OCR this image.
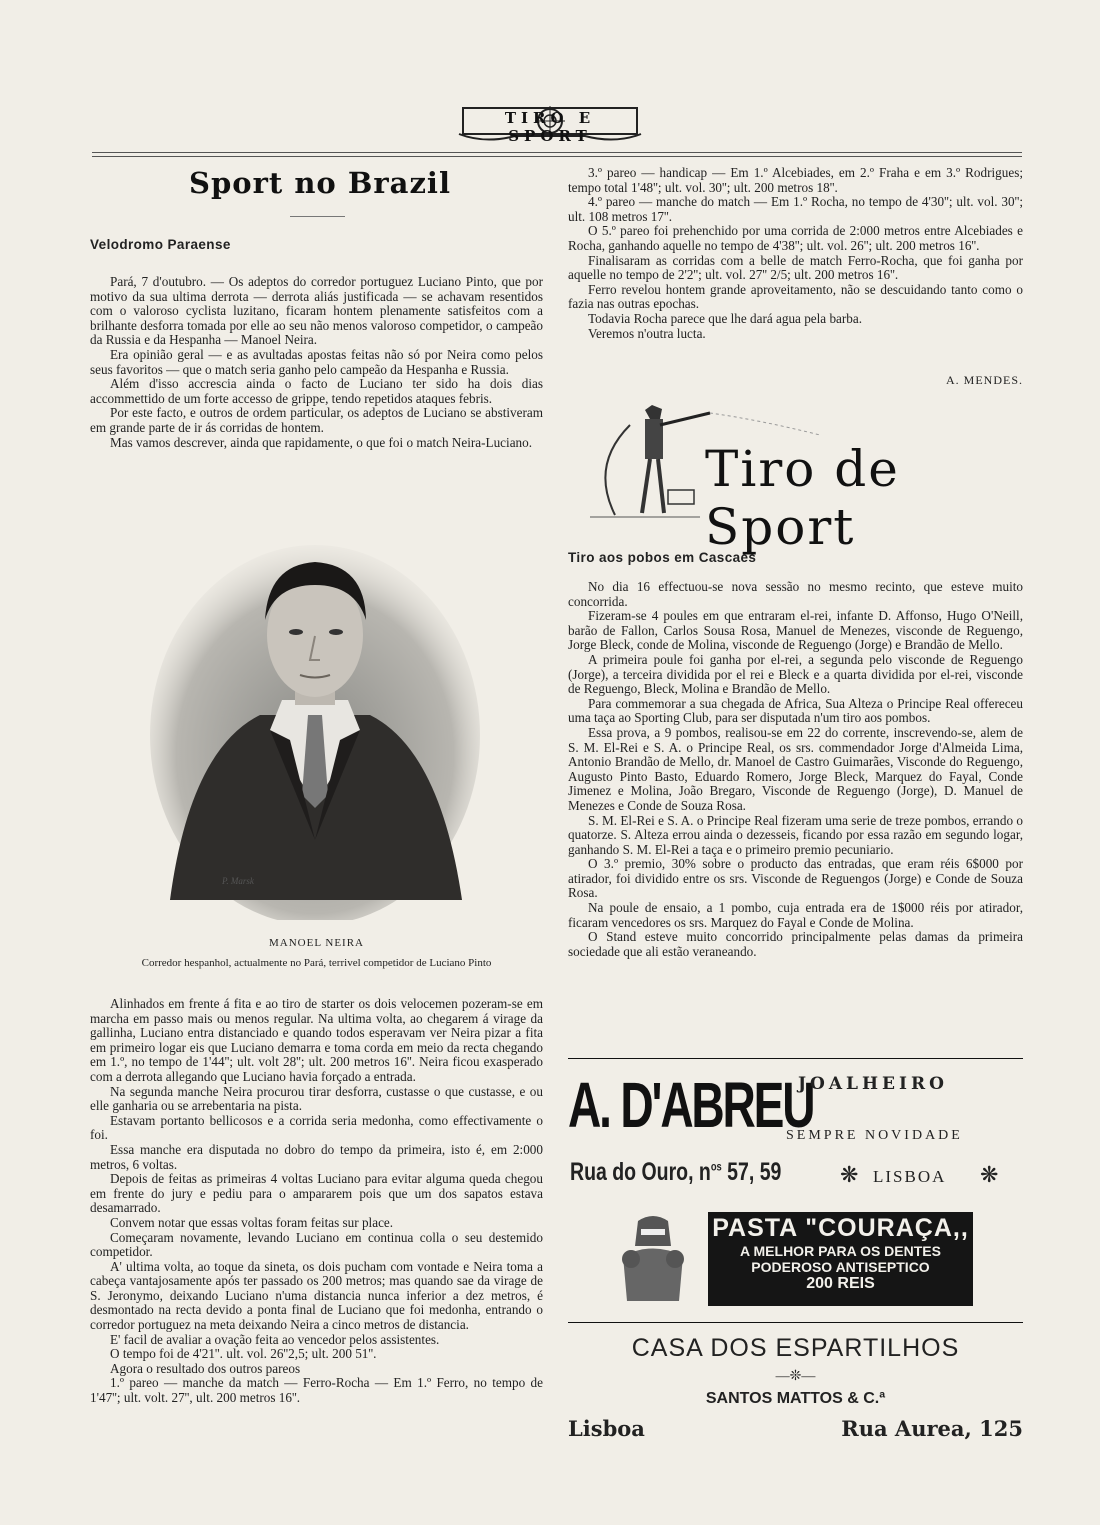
TIRO E SPORT
Sport no Brazil

Velodromo Paraense

Pará, 7 d'outubro. — Os adeptos do corredor portuguez Luciano Pinto, que por motivo da sua ultima derrota — derrota aliás justificada — se achavam resentidos com o valoroso cyclista luzitano, ficaram hontem plenamente satisfeitos com a brilhante desforra tomada por elle ao seu não menos valoroso competidor, o campeão da Russia e da Hespanha — Manoel Neira.

Era opinião geral — e as avultadas apostas feitas não só por Neira como pelos seus favoritos — que o match seria ganho pelo campeão da Hespanha e Russia.

Além d'isso accrescia ainda o facto de Luciano ter sido ha dois dias accommettido de um forte accesso de grippe, tendo repetidos ataques febris.

Por este facto, e outros de ordem particular, os adeptos de Luciano se abstiveram em grande parte de ir ás corridas de hontem.

Mas vamos descrever, ainda que rapidamente, o que foi o match Neira-Luciano.

P. Marsk
MANOEL NEIRA
Corredor hespanhol, actualmente no Pará, terrivel competidor de Luciano Pinto

Alinhados em frente á fita e ao tiro de starter os dois velocemen pozeram-se em marcha em passo mais ou menos regular. Na ultima volta, ao chegarem á virage da gallinha, Luciano entra distanciado e quando todos esperavam ver Neira pizar a fita em primeiro logar eis que Luciano demarra e toma corda em meio da recta chegando em 1.º, no tempo de 1'44''; ult. volt 28''; ult. 200 metros 16''. Neira ficou exasperado com a derrota allegando que Luciano havia forçado a entrada.

Na segunda manche Neira procurou tirar desforra, custasse o que custasse, e ou elle ganharia ou se arrebentaria na pista.

Estavam portanto bellicosos e a corrida seria medonha, como effectivamente o foi.

Essa manche era disputada no dobro do tempo da primeira, isto é, em 2:000 metros, 6 voltas.

Depois de feitas as primeiras 4 voltas Luciano para evitar alguma queda chegou em frente do jury e pediu para o ampararem pois que um dos sapatos estava desamarrado.

Convem notar que essas voltas foram feitas sur place.

Começaram novamente, levando Luciano em continua colla o seu destemido competidor.

A' ultima volta, ao toque da sineta, os dois pucham com vontade e Neira toma a cabeça vantajosamente após ter passado os 200 metros; mas quando sae da virage de S. Jeronymo, deixando Luciano n'uma distancia nunca inferior a dez metros, é desmontado na recta devido a ponta final de Luciano que foi medonha, entrando o corredor portuguez na meta deixando Neira a cinco metros de distancia.

E' facil de avaliar a ovação feita ao vencedor pelos assistentes.

O tempo foi de 4'21''. ult. vol. 26''2,5; ult. 200 51''.

Agora o resultado dos outros pareos

1.º pareo — manche da match — Ferro-Rocha — Em 1.º Ferro, no tempo de 1'47''; ult. volt. 27'', ult. 200 metros 16''.

3.º pareo — handicap — Em 1.º Alcebiades, em 2.º Fraha e em 3.º Rodrigues; tempo total 1'48''; ult. vol. 30''; ult. 200 metros 18''.

4.º pareo — manche do match — Em 1.º Rocha, no tempo de 4'30''; ult. vol. 30''; ult. 108 metros 17''.

O 5.º pareo foi prehenchido por uma corrida de 2:000 metros entre Alcebiades e Rocha, ganhando aquelle no tempo de 4'38''; ult. vol. 26''; ult. 200 metros 16''.

Finalisaram as corridas com a belle de match Ferro-Rocha, que foi ganha por aquelle no tempo de 2'2''; ult. vol. 27'' 2/5; ult. 200 metros 16''.

Ferro revelou hontem grande aproveitamento, não se descuidando tanto como o fazia nas outras epochas.

Todavia Rocha parece que lhe dará agua pela barba.

Veremos n'outra lucta.

A. MENDES.
Tiro de Sport

Tiro aos pobos em Cascaes

No dia 16 effectuou-se nova sessão no mesmo recinto, que esteve muito concorrida.

Fizeram-se 4 poules em que entraram el-rei, infante D. Affonso, Hugo O'Neill, barão de Fallon, Carlos Sousa Rosa, Manuel de Menezes, visconde de Reguengo, Jorge Bleck, conde de Molina, visconde de Reguengo (Jorge) e Brandão de Mello.

A primeira poule foi ganha por el-rei, a segunda pelo visconde de Reguengo (Jorge), a terceira dividida por el rei e Bleck e a quarta dividida por el-rei, visconde de Reguengo, Bleck, Molina e Brandão de Mello.

Para commemorar a sua chegada de Africa, Sua Alteza o Principe Real offereceu uma taça ao Sporting Club, para ser disputada n'um tiro aos pombos.

Essa prova, a 9 pombos, realisou-se em 22 do corrente, inscrevendo-se, alem de S. M. El-Rei e S. A. o Principe Real, os srs. commendador Jorge d'Almeida Lima, Antonio Brandão de Mello, dr. Manoel de Castro Guimarães, Visconde do Reguengo, Augusto Pinto Basto, Eduardo Romero, Jorge Bleck, Marquez do Fayal, Conde Jimenez e Molina, João Bregaro, Visconde de Reguengo (Jorge), D. Manuel de Menezes e Conde de Souza Rosa.

S. M. El-Rei e S. A. o Principe Real fizeram uma serie de treze pombos, errando o quatorze. S. Alteza errou ainda o dezesseis, ficando por essa razão em segundo logar, ganhando S. M. El-Rei a taça e o primeiro premio pecuniario.

O 3.º premio, 30% sobre o producto das entradas, que eram réis 6$000 por atirador, foi dividido entre os srs. Visconde de Reguengos (Jorge) e Conde de Souza Rosa.

Na poule de ensaio, a 1 pombo, cuja entrada era de 1$000 réis por atirador, ficaram vencedores os srs. Marquez do Fayal e Conde de Molina.

O Stand esteve muito concorrido principalmente pelas damas da primeira sociedade que ali estão veraneando.

A. D'ABREU
JOALHEIRO
SEMPRE NOVIDADE
Rua do Ouro, $n^{os}$ 57, 59	❋ LISBOA ❋
PASTA "COURAÇA,,
A MELHOR PARA OS DENTES
PODEROSO ANTISEPTICO
200 REIS
CASA DOS ESPARTILHOS
—❊—
SANTOS MATTOS & C.ª
Lisboa	Rua Aurea, 125
